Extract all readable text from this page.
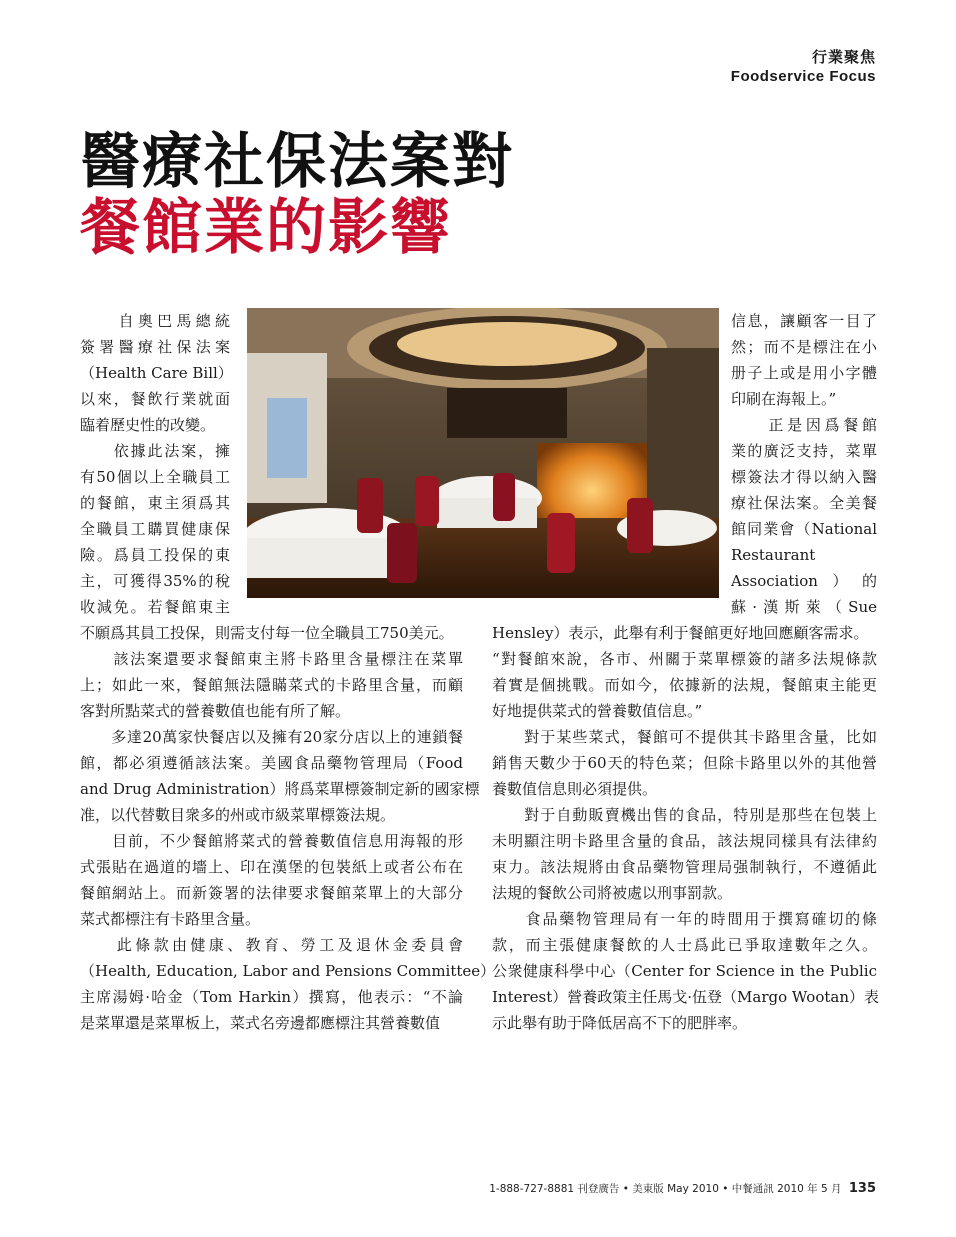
行業聚焦
Foodservice Focus
醫療社保法案對
餐館業的影響
　　自奧巴馬總統
簽署醫療社保法案
（Health Care Bill）
以來，餐飲行業就面
臨着歷史性的改變。
　　依據此法案，擁
有50個以上全職員工
的餐館，東主須爲其
全職員工購買健康保
險。爲員工投保的東
主，可獲得35%的稅
收減免。若餐館東主
不願爲其員工投保，則需支付每一位全職員工750美元。
　　該法案還要求餐館東主將卡路里含量標注在菜單
上；如此一來，餐館無法隱瞞菜式的卡路里含量，而顧
客對所點菜式的營養數值也能有所了解。
　　多達20萬家快餐店以及擁有20家分店以上的連鎖餐
館，都必須遵循該法案。美國食品藥物管理局（Food
and Drug Administration）將爲菜單標簽制定新的國家標
准，以代替數目衆多的州或市級菜單標簽法規。
　　目前，不少餐館將菜式的營養數值信息用海報的形
式張貼在過道的墻上、印在漢堡的包裝紙上或者公布在
餐館網站上。而新簽署的法律要求餐館菜單上的大部分
菜式都標注有卡路里含量。
　　此條款由健康、教育、勞工及退休金委員會
（Health, Education, Labor and Pensions Committee）
主席湯姆·哈金（Tom Harkin）撰寫，他表示：“不論
是菜單還是菜單板上，菜式名旁邊都應標注其營養數值
信息，讓顧客一目了
然；而不是標注在小
册子上或是用小字體
印刷在海報上。”
　　正是因爲餐館
業的廣泛支持，菜單
標簽法才得以納入醫
療社保法案。全美餐
館同業會（National
Restaurant
Association）的
蘇·漢斯萊（Sue
Hensley）表示，此舉有利于餐館更好地回應顧客需求。
“對餐館來說，各市、州關于菜單標簽的諸多法規條款
着實是個挑戰。而如今，依據新的法規，餐館東主能更
好地提供菜式的營養數值信息。”
　　對于某些菜式，餐館可不提供其卡路里含量，比如
銷售天數少于60天的特色菜；但除卡路里以外的其他營
養數值信息則必須提供。
　　對于自動販賣機出售的食品，特別是那些在包裝上
未明顯注明卡路里含量的食品，該法規同樣具有法律約
束力。該法規將由食品藥物管理局强制執行，不遵循此
法規的餐飲公司將被處以刑事罰款。
　　食品藥物管理局有一年的時間用于撰寫確切的條
款，而主張健康餐飲的人士爲此已爭取達數年之久。
公衆健康科學中心（Center for Science in the Public
Interest）營養政策主任馬戈·伍登（Margo Wootan）表
示此舉有助于降低居高不下的肥胖率。
1-888-727-8881 刊登廣告 • 美東版 May 2010 • 中餐通訊 2010 年 5 月 135
